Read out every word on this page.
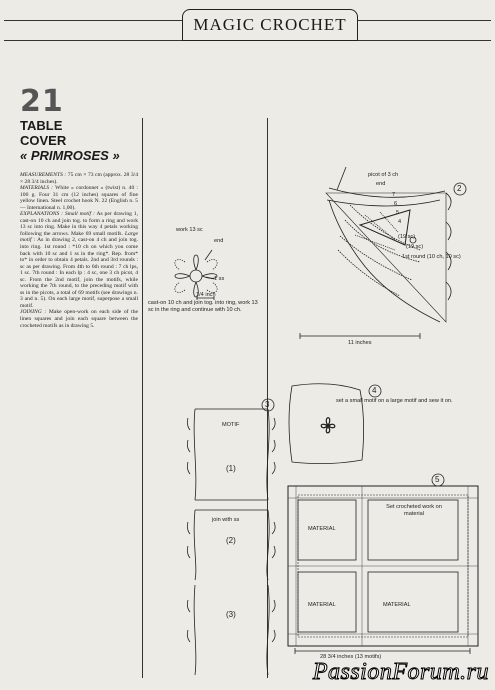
MAGIC CROCHET
21
TABLE
COVER
« PRIMROSES »

MEASUREMENTS : 75 cm × 73 cm (approx. 28 3/4 × 28 3/4 inches).

MATERIALS : White « cordonnet » (twist) n. 40 : 100 g. Four 31 cm (12 inches) squares of fine yellow linen. Steel crochet hook N. 22 (English n. 5 — International n. 1,00).

EXPLANATIONS : Small motif : As per drawing 1, cast-on 10 ch and join tog. to form a ring and work 13 sc into ring. Make in this way 4 petals working following the arrows. Make 69 small motifs. Large motif : As in drawing 2, cast-on 4 ch and join tog. into ring. 1st round : *10 ch on which you come back with 10 sc and 1 ss in the ring*. Rep. from* to* in order to obtain 4 petals. 2nd and 3rd rounds : sc as per drawing. From 4th to 6th round : 7 ch lps, 1 sc. 7th round : In each lp : 4 sc, one 3 ch picot, 4 sc. From the 2nd motif, join the motifs, while working the 7th round, to the preceding motif with ss in the picots, a total of 69 motifs (see drawings n. 3 and n. 5). On each large motif, superpose a small motif.

JOINING : Make open-work on each side of the linen squares and join each square between the crocheted motifs as in drawing 5.

work 13 sc
end
1 ss
1/4 inch
cast-on 10 ch and join tog. into ring, work 13 sc in the ring and continue with 10 ch.
2
picot of 3 ch
end
7
6
5
4
(19 sc)
(19 sc)
1st round (10 ch, 10 sc)
11 inches
3
MOTIF
(1)
join with ss
(2)
(3)
4
set a small motif on a large motif and sew it on.
5
MATERIAL
MATERIAL	MATERIAL
Set crocheted work on material
28 3/4 inches (13 motifs)
PassionForum.ru
